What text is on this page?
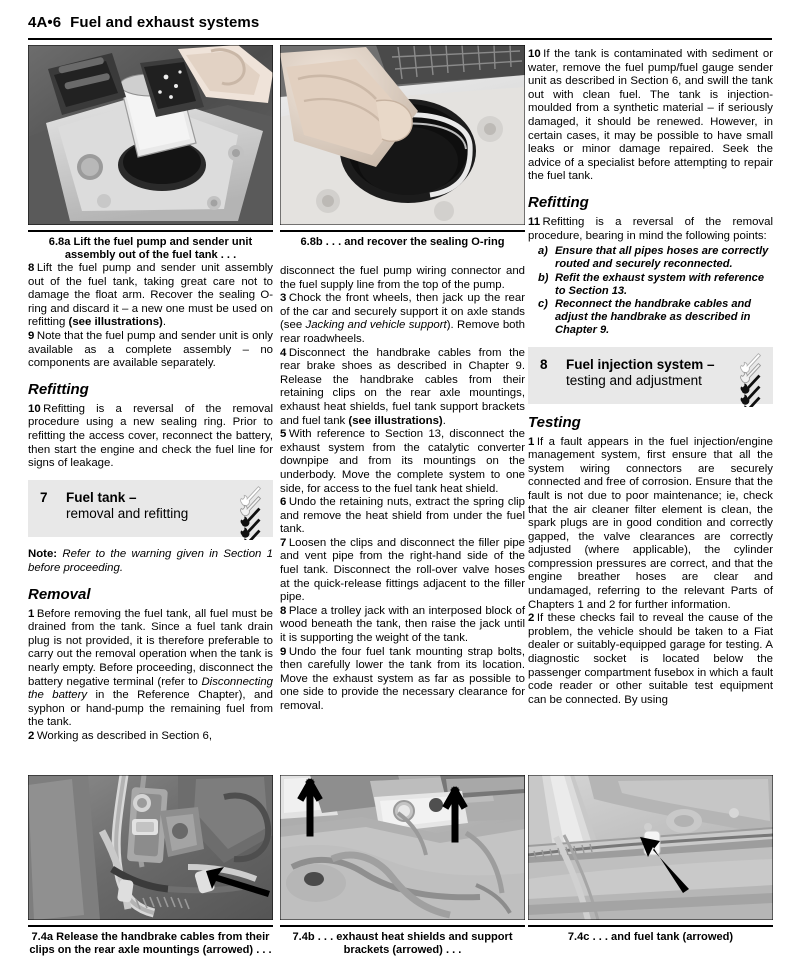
4A•6 Fuel and exhaust systems
6.8a Lift the fuel pump and sender unit assembly out of the fuel tank . . .
6.8b . . . and recover the sealing O-ring

8 Lift the fuel pump and sender unit assembly out of the fuel tank, taking great care not to damage the float arm. Recover the sealing O-ring and discard it – a new one must be used on refitting (see illustrations).

9 Note that the fuel pump and sender unit is only available as a complete assembly – no components are available separately.

Refitting

10 Refitting is a reversal of the removal procedure using a new sealing ring. Prior to refitting the access cover, reconnect the battery, then start the engine and check the fuel line for signs of leakage.

7 Fuel tank –
removal and refitting

Note: Refer to the warning given in Section 1 before proceeding.

Removal

1 Before removing the fuel tank, all fuel must be drained from the tank. Since a fuel tank drain plug is not provided, it is therefore preferable to carry out the removal operation when the tank is nearly empty. Before proceeding, disconnect the battery negative terminal (refer to Disconnecting the battery in the Reference Chapter), and syphon or hand-pump the remaining fuel from the tank.

2 Working as described in Section 6,

disconnect the fuel pump wiring connector and the fuel supply line from the top of the pump.

3 Chock the front wheels, then jack up the rear of the car and securely support it on axle stands (see Jacking and vehicle support). Remove both rear roadwheels.

4 Disconnect the handbrake cables from the rear brake shoes as described in Chapter 9. Release the handbrake cables from their retaining clips on the rear axle mountings, exhaust heat shields, fuel tank support brackets and fuel tank (see illustrations).

5 With reference to Section 13, disconnect the exhaust system from the catalytic converter downpipe and from its mountings on the underbody. Move the complete system to one side, for access to the fuel tank heat shield.

6 Undo the retaining nuts, extract the spring clip and remove the heat shield from under the fuel tank.

7 Loosen the clips and disconnect the filler pipe and vent pipe from the right-hand side of the fuel tank. Disconnect the roll-over valve hoses at the quick-release fittings adjacent to the filler pipe.

8 Place a trolley jack with an interposed block of wood beneath the tank, then raise the jack until it is supporting the weight of the tank.

9 Undo the four fuel tank mounting strap bolts, then carefully lower the tank from its location. Move the exhaust system as far as possible to one side to provide the necessary clearance for removal.

10 If the tank is contaminated with sediment or water, remove the fuel pump/fuel gauge sender unit as described in Section 6, and swill the tank out with clean fuel. The tank is injection-moulded from a synthetic material – if seriously damaged, it should be renewed. However, in certain cases, it may be possible to have small leaks or minor damage repaired. Seek the advice of a specialist before attempting to repair the fuel tank.

Refitting

11 Refitting is a reversal of the removal procedure, bearing in mind the following points:

a) Ensure that all pipes hoses are correctly routed and securely reconnected.
b) Refit the exhaust system with reference to Section 13.
c) Reconnect the handbrake cables and adjust the handbrake as described in Chapter 9.
8 Fuel injection system –
testing and adjustment
Testing

1 If a fault appears in the fuel injection/engine management system, first ensure that all the system wiring connectors are securely connected and free of corrosion. Ensure that the fault is not due to poor maintenance; ie, check that the air cleaner filter element is clean, the spark plugs are in good condition and correctly gapped, the valve clearances are correctly adjusted (where applicable), the cylinder compression pressures are correct, and that the engine breather hoses are clear and undamaged, referring to the relevant Parts of Chapters 1 and 2 for further information.

2 If these checks fail to reveal the cause of the problem, the vehicle should be taken to a Fiat dealer or suitably-equipped garage for testing. A diagnostic socket is located below the passenger compartment fusebox in which a fault code reader or other suitable test equipment can be connected. By using

7.4a Release the handbrake cables from their clips on the rear axle mountings (arrowed) . . .
7.4b . . . exhaust heat shields and support brackets (arrowed) . . .
7.4c . . . and fuel tank (arrowed)
